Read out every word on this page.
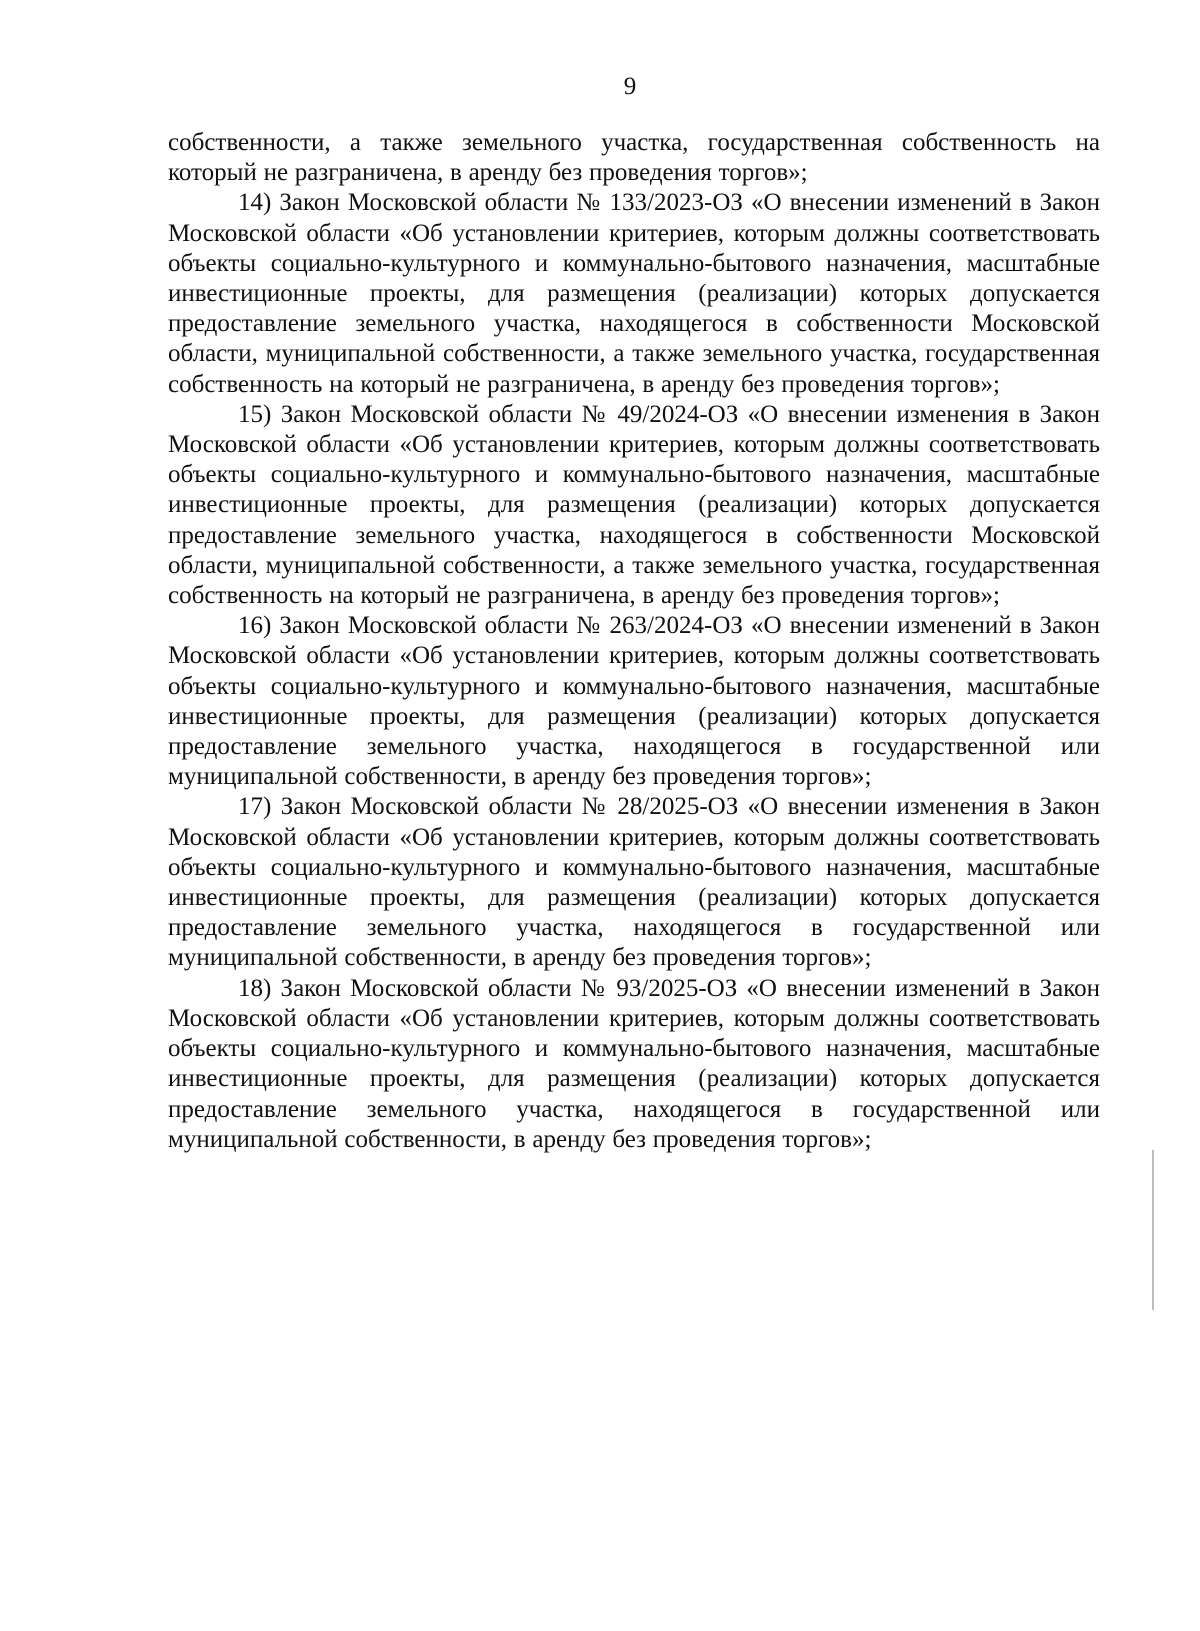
9

собственности, а также земельного участка, государственная собственность на который не разграничена, в аренду без проведения торгов»;

14) Закон Московской области № 133/2023-ОЗ «О внесении изменений в Закон Московской области «Об установлении критериев, которым должны соответствовать объекты социально-культурного и коммунально-бытового назначения, масштабные инвестиционные проекты, для размещения (реализации) которых допускается предоставление земельного участка, находящегося в собственности Московской области, муниципальной собственности, а также земельного участка, государственная собственность на который не разграничена, в аренду без проведения торгов»;

15) Закон Московской области № 49/2024-ОЗ «О внесении изменения в Закон Московской области «Об установлении критериев, которым должны соответствовать объекты социально-культурного и коммунально-бытового назначения, масштабные инвестиционные проекты, для размещения (реализации) которых допускается предоставление земельного участка, находящегося в собственности Московской области, муниципальной собственности, а также земельного участка, государственная собственность на который не разграничена, в аренду без проведения торгов»;

16) Закон Московской области № 263/2024-ОЗ «О внесении изменений в Закон Московской области «Об установлении критериев, которым должны соответствовать объекты социально-культурного и коммунально-бытового назначения, масштабные инвестиционные проекты, для размещения (реализации) которых допускается предоставление земельного участка, находящегося в государственной или муниципальной собственности, в аренду без проведения торгов»;

17) Закон Московской области № 28/2025-ОЗ «О внесении изменения в Закон Московской области «Об установлении критериев, которым должны соответствовать объекты социально-культурного и коммунально-бытового назначения, масштабные инвестиционные проекты, для размещения (реализации) которых допускается предоставление земельного участка, находящегося в государственной или муниципальной собственности, в аренду без проведения торгов»;

18) Закон Московской области № 93/2025-ОЗ «О внесении изменений в Закон Московской области «Об установлении критериев, которым должны соответствовать объекты социально-культурного и коммунально-бытового назначения, масштабные инвестиционные проекты, для размещения (реализации) которых допускается предоставление земельного участка, находящегося в государственной или муниципальной собственности, в аренду без проведения торгов»;
